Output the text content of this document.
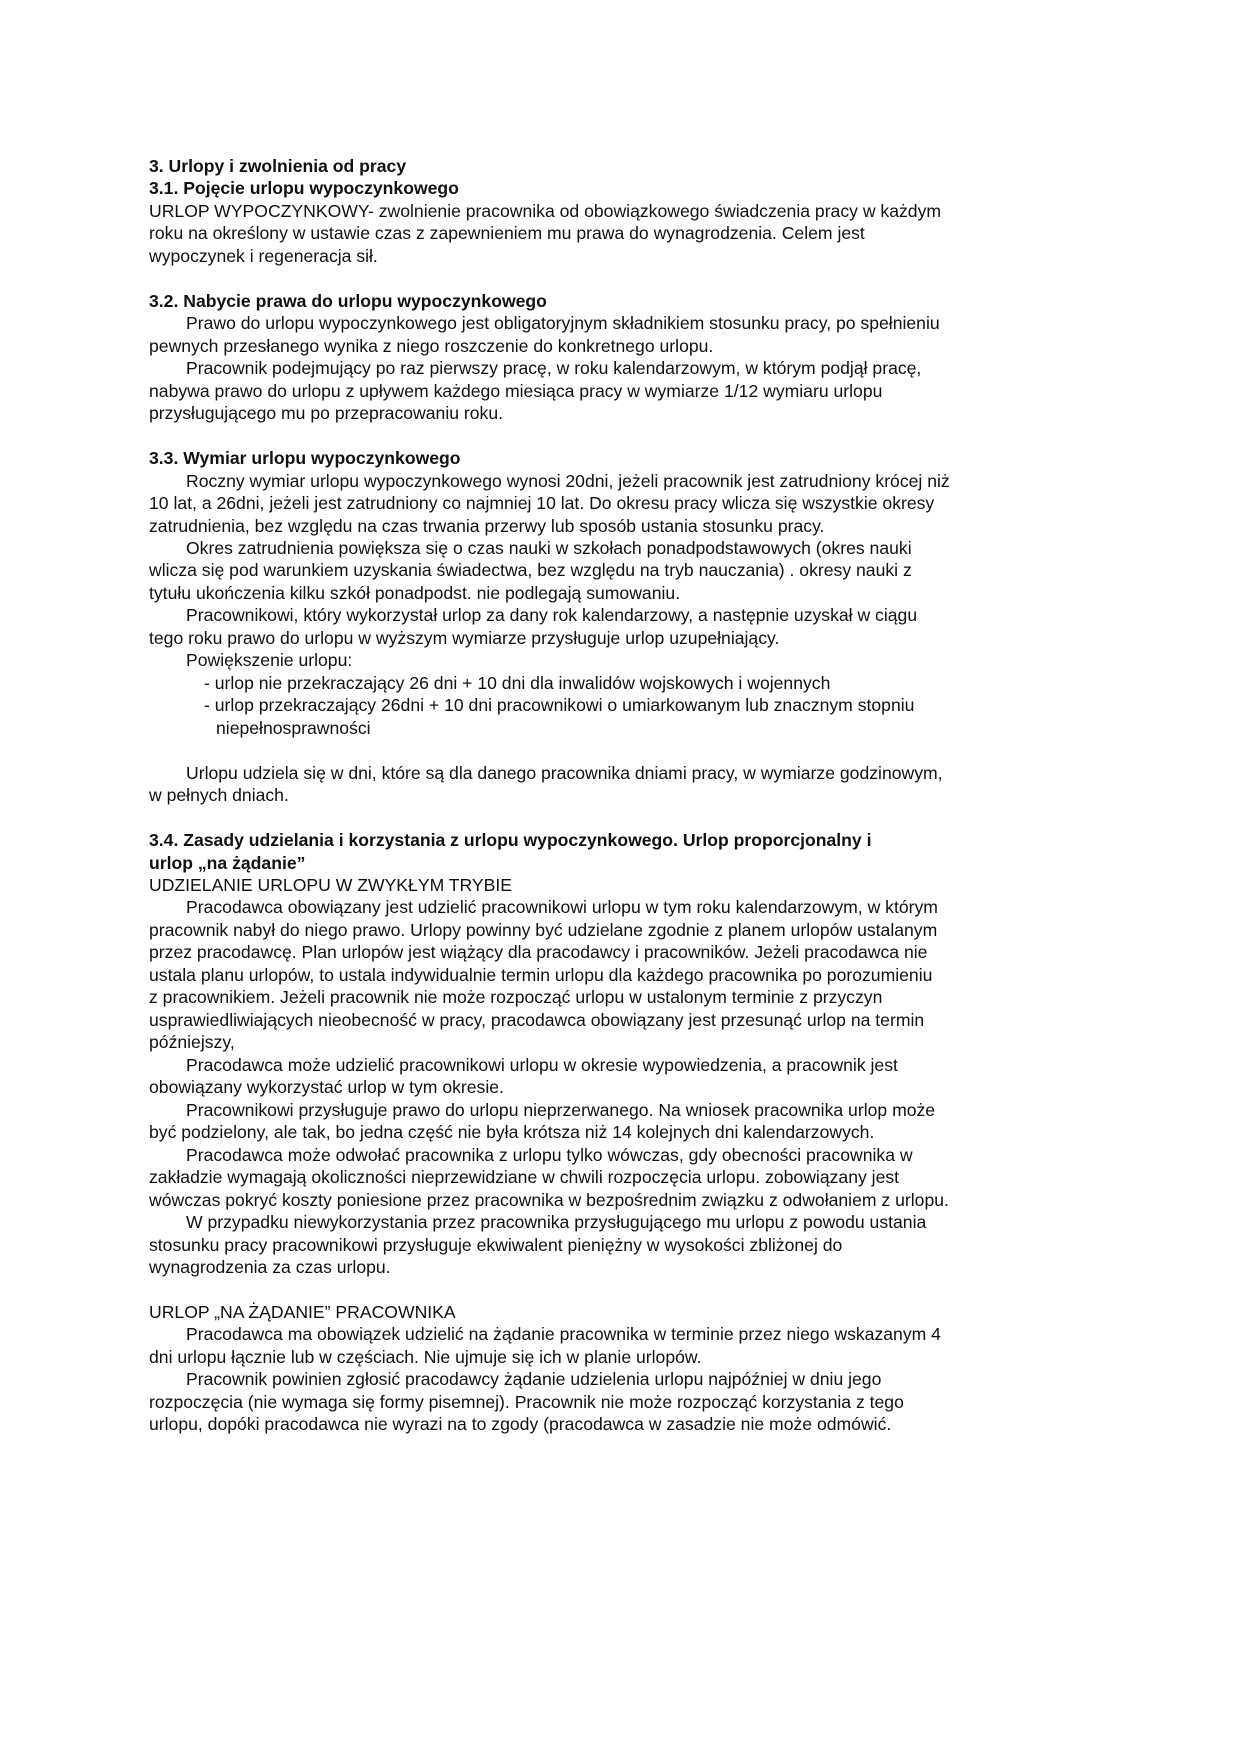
3. Urlopy i zwolnienia od pracy
3.1. Pojęcie urlopu wypoczynkowego
URLOP WYPOCZYNKOWY- zwolnienie pracownika od obowiązkowego świadczenia pracy w każdym
roku na określony w ustawie czas z zapewnieniem mu prawa do wynagrodzenia. Celem jest
wypoczynek i regeneracja sił.
3.2. Nabycie prawa do urlopu wypoczynkowego
Prawo do urlopu wypoczynkowego jest obligatoryjnym składnikiem stosunku pracy, po spełnieniu
pewnych przesłanego wynika z niego roszczenie do konkretnego urlopu.
Pracownik podejmujący po raz pierwszy pracę, w roku kalendarzowym, w którym podjął pracę,
nabywa prawo do urlopu z upływem każdego miesiąca pracy w wymiarze 1/12 wymiaru urlopu
przysługującego mu po przepracowaniu roku.
3.3. Wymiar urlopu wypoczynkowego
Roczny wymiar urlopu wypoczynkowego wynosi 20dni, jeżeli pracownik jest zatrudniony krócej niż
10 lat, a 26dni, jeżeli jest zatrudniony co najmniej 10 lat. Do okresu pracy wlicza się wszystkie okresy
zatrudnienia, bez względu na czas trwania przerwy lub sposób ustania stosunku pracy.
Okres zatrudnienia powiększa się o czas nauki w szkołach ponadpodstawowych (okres nauki
wlicza się pod warunkiem uzyskania świadectwa, bez względu na tryb nauczania) . okresy nauki z
tytułu ukończenia kilku szkół ponadpodst. nie podlegają sumowaniu.
Pracownikowi, który wykorzystał urlop za dany rok kalendarzowy, a następnie uzyskał w ciągu
tego roku prawo do urlopu w wyższym wymiarze przysługuje urlop uzupełniający.
Powiększenie urlopu:
- urlop nie przekraczający 26 dni + 10 dni dla inwalidów wojskowych i wojennych
- urlop przekraczający 26dni + 10 dni pracownikowi o umiarkowanym lub znacznym stopniu
niepełnosprawności
Urlopu udziela się w dni, które są dla danego pracownika dniami pracy, w wymiarze godzinowym,
w pełnych dniach.
3.4. Zasady udzielania i korzystania z urlopu wypoczynkowego. Urlop proporcjonalny i
urlop „na żądanie”
UDZIELANIE URLOPU W ZWYKŁYM TRYBIE
Pracodawca obowiązany jest udzielić pracownikowi urlopu w tym roku kalendarzowym, w którym
pracownik nabył do niego prawo. Urlopy powinny być udzielane zgodnie z planem urlopów ustalanym
przez pracodawcę. Plan urlopów jest wiążący dla pracodawcy i pracowników. Jeżeli pracodawca nie
ustala planu urlopów, to ustala indywidualnie termin urlopu dla każdego pracownika po porozumieniu
z pracownikiem. Jeżeli pracownik nie może rozpocząć urlopu w ustalonym terminie z przyczyn
usprawiedliwiających nieobecność w pracy, pracodawca obowiązany jest przesunąć urlop na termin
późniejszy,
Pracodawca może udzielić pracownikowi urlopu w okresie wypowiedzenia, a pracownik jest
obowiązany wykorzystać urlop w tym okresie.
Pracownikowi przysługuje prawo do urlopu nieprzerwanego. Na wniosek pracownika urlop może
być podzielony, ale tak, bo jedna część nie była krótsza niż 14 kolejnych dni kalendarzowych.
Pracodawca może odwołać pracownika z urlopu tylko wówczas, gdy obecności pracownika w
zakładzie wymagają okoliczności nieprzewidziane w chwili rozpoczęcia urlopu. zobowiązany jest
wówczas pokryć koszty poniesione przez pracownika w bezpośrednim związku z odwołaniem z urlopu.
W przypadku niewykorzystania przez pracownika przysługującego mu urlopu z powodu ustania
stosunku pracy pracownikowi przysługuje ekwiwalent pieniężny w wysokości zbliżonej do
wynagrodzenia za czas urlopu.
URLOP „NA ŻĄDANIE” PRACOWNIKA
Pracodawca ma obowiązek udzielić na żądanie pracownika w terminie przez niego wskazanym 4
dni urlopu łącznie lub w częściach. Nie ujmuje się ich w planie urlopów.
Pracownik powinien zgłosić pracodawcy żądanie udzielenia urlopu najpóźniej w dniu jego
rozpoczęcia (nie wymaga się formy pisemnej). Pracownik nie może rozpocząć korzystania z tego
urlopu, dopóki pracodawca nie wyrazi na to zgody (pracodawca w zasadzie nie może odmówić.
